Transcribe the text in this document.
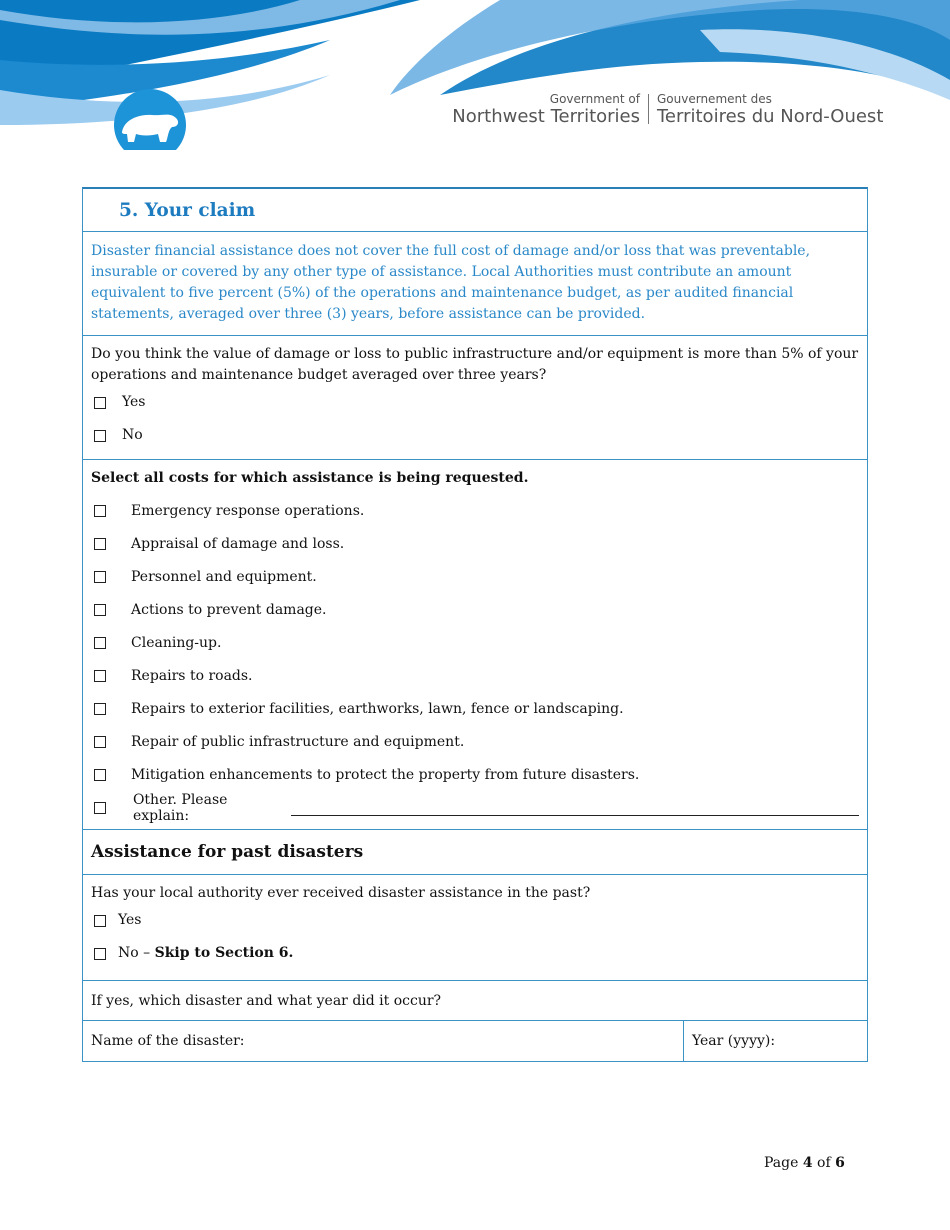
Government of
Northwest Territories
Gouvernement des
Territoires du Nord-Ouest
5. Your claim
Disaster financial assistance does not cover the full cost of damage and/or loss that was preventable, insurable or covered by any other type of assistance. Local Authorities must contribute an amount equivalent to five percent (5%) of the operations and maintenance budget, as per audited financial statements, averaged over three (3) years, before assistance can be provided.
Do you think the value of damage or loss to public infrastructure and/or equipment is more than 5% of your operations and maintenance budget averaged over three years?
Yes
No
Select all costs for which assistance is being requested.
Emergency response operations.
Appraisal of damage and loss.
Personnel and equipment.
Actions to prevent damage.
Cleaning-up.
Repairs to roads.
Repairs to exterior facilities, earthworks, lawn, fence or landscaping.
Repair of public infrastructure and equipment.
Mitigation enhancements to protect the property from future disasters.
Other. Please explain:
Assistance for past disasters
Has your local authority ever received disaster assistance in the past?
Yes
No –
Skip to Section 6.
If yes, which disaster and what year did it occur?
Name of the disaster:	Year (yyyy):
Page 4 of 6
